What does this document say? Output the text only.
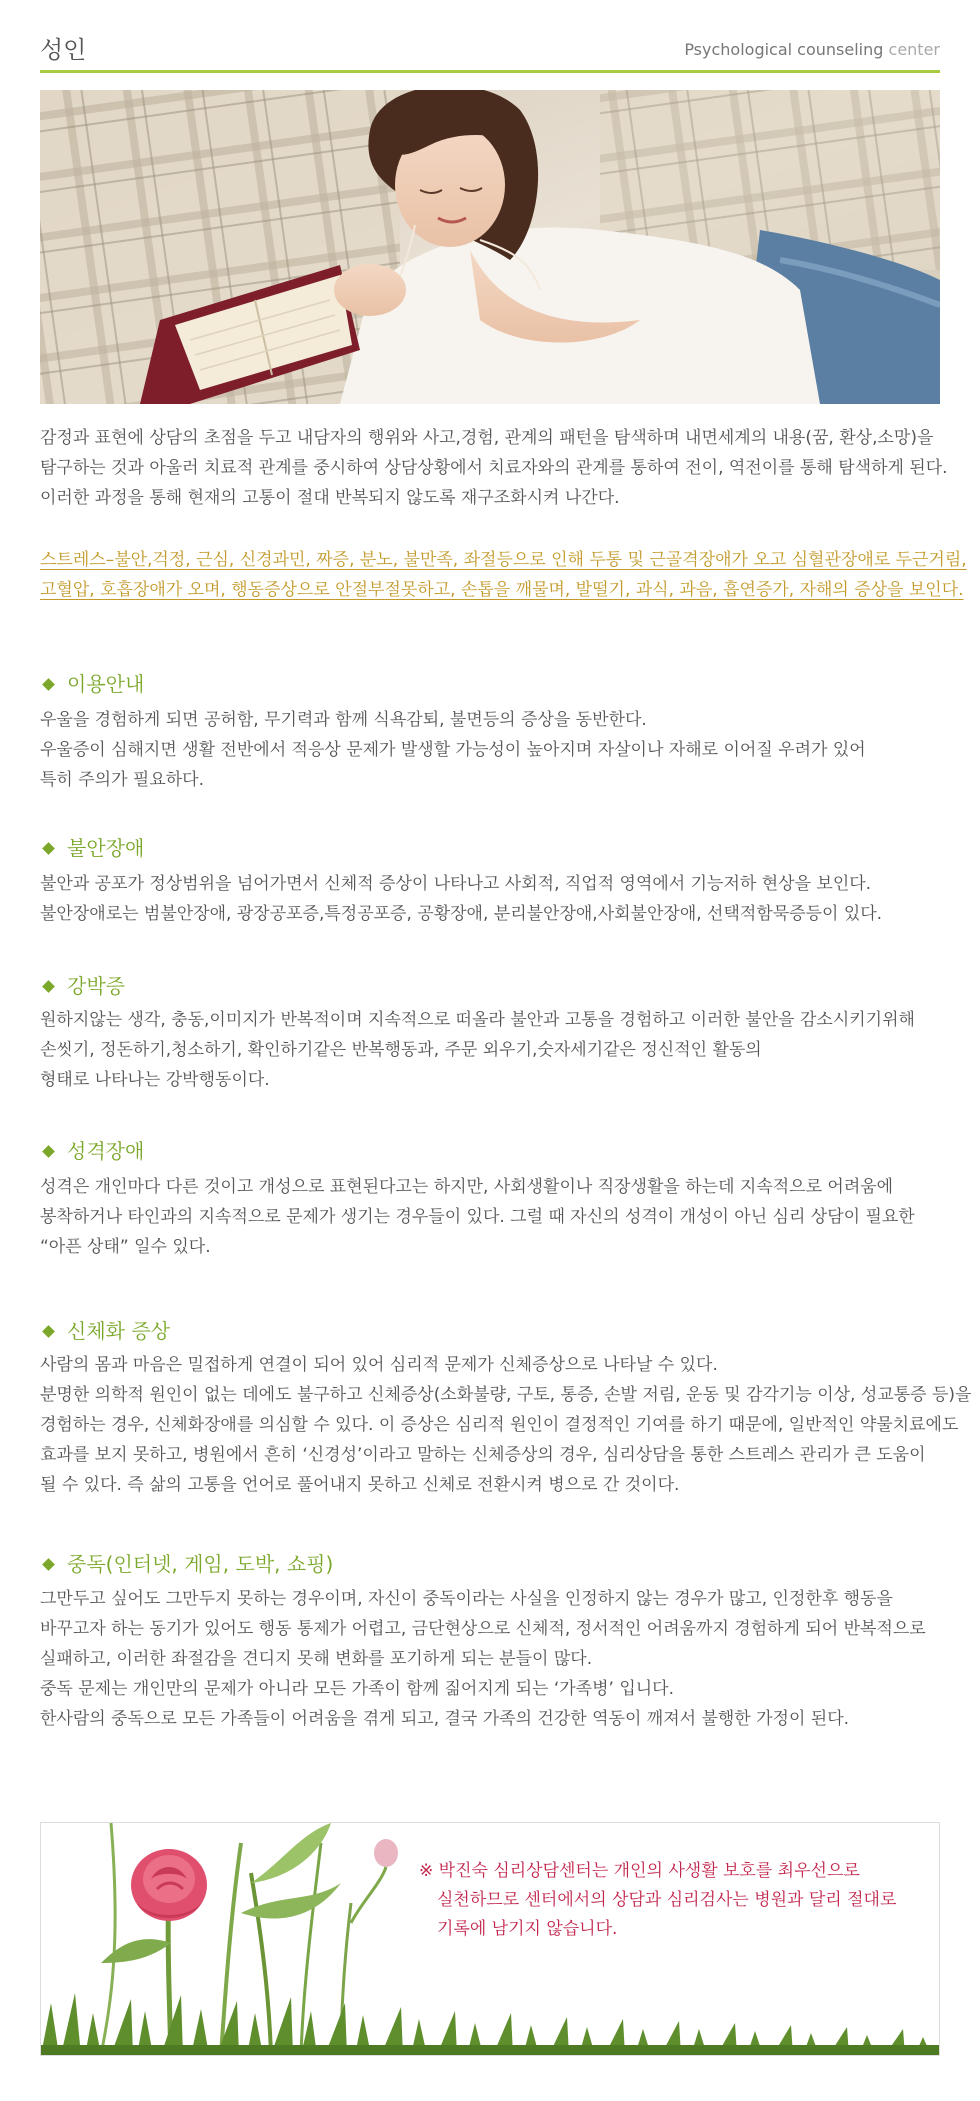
성인	Psychological counseling center
감정과 표현에 상담의 초점을 두고 내담자의 행위와 사고,경험, 관계의 패턴을 탐색하며 내면세계의 내용(꿈, 환상,소망)을
탐구하는 것과 아울러 치료적 관계를 중시하여 상담상황에서 치료자와의 관계를 통하여 전이, 역전이를 통해 탐색하게 된다.
이러한 과정을 통해 현재의 고통이 절대 반복되지 않도록 재구조화시켜 나간다.
스트레스–불안,걱정, 근심, 신경과민, 짜증, 분노, 불만족, 좌절등으로 인해 두통 및 근골격장애가 오고 심혈관장애로 두근거림,
고혈압, 호흡장애가 오며, 행동증상으로 안절부절못하고, 손톱을 깨물며, 발떨기, 과식, 과음, 흡연증가, 자해의 증상을 보인다.
이용안내
우울을 경험하게 되면 공허함, 무기력과 함께 식욕감퇴, 불면등의 증상을 동반한다.
우울증이 심해지면 생활 전반에서 적응상 문제가 발생할 가능성이 높아지며 자살이나 자해로 이어질 우려가 있어
특히 주의가 필요하다.
불안장애
불안과 공포가 정상범위을 넘어가면서 신체적 증상이 나타나고 사회적, 직업적 영역에서 기능저하 현상을 보인다.
불안장애로는 범불안장애, 광장공포증,특정공포증, 공황장애, 분리불안장애,사회불안장애, 선택적함묵증등이 있다.
강박증
원하지않는 생각, 충동,이미지가 반복적이며 지속적으로 떠올라 불안과 고통을 경험하고 이러한 불안을 감소시키기위해
손씻기, 정돈하기,청소하기, 확인하기같은 반복행동과, 주문 외우기,숫자세기같은 정신적인 활동의
형태로 나타나는 강박행동이다.
성격장애
성격은 개인마다 다른 것이고 개성으로 표현된다고는 하지만, 사회생활이나 직장생활을 하는데 지속적으로 어려움에
봉착하거나 타인과의 지속적으로 문제가 생기는 경우들이 있다. 그럴 때 자신의 성격이 개성이 아닌 심리 상담이 필요한
“아픈 상태” 일수 있다.
신체화 증상
사람의 몸과 마음은 밀접하게 연결이 되어 있어 심리적 문제가 신체증상으로 나타날 수 있다.
분명한 의학적 원인이 없는 데에도 불구하고 신체증상(소화불량, 구토, 통증, 손발 저림, 운동 및 감각기능 이상, 성교통증 등)을
경험하는 경우, 신체화장애를 의심할 수 있다. 이 증상은 심리적 원인이 결정적인 기여를 하기 때문에, 일반적인 약물치료에도
효과를 보지 못하고, 병원에서 흔히 ‘신경성’이라고 말하는 신체증상의 경우, 심리상담을 통한 스트레스 관리가 큰 도움이
될 수 있다. 즉 삶의 고통을 언어로 풀어내지 못하고 신체로 전환시켜 병으로 간 것이다.
중독(인터넷, 게임, 도박, 쇼핑)
그만두고 싶어도 그만두지 못하는 경우이며, 자신이 중독이라는 사실을 인정하지 않는 경우가 많고, 인정한후 행동을
바꾸고자 하는 동기가 있어도 행동 통제가 어렵고, 금단현상으로 신체적, 정서적인 어려움까지 경험하게 되어 반복적으로
실패하고, 이러한 좌절감을 견디지 못해 변화를 포기하게 되는 분들이 많다.
중독 문제는 개인만의 문제가 아니라 모든 가족이 함께 짊어지게 되는 ‘가족병’ 입니다.
한사람의 중독으로 모든 가족들이 어려움을 겪게 되고, 결국 가족의 건강한 역동이 깨져서 불행한 가정이 된다.
※ 박진숙 심리상담센터는 개인의 사생활 보호를 최우선으로
실천하므로 센터에서의 상담과 심리검사는 병원과 달리 절대로
기록에 남기지 않습니다.
